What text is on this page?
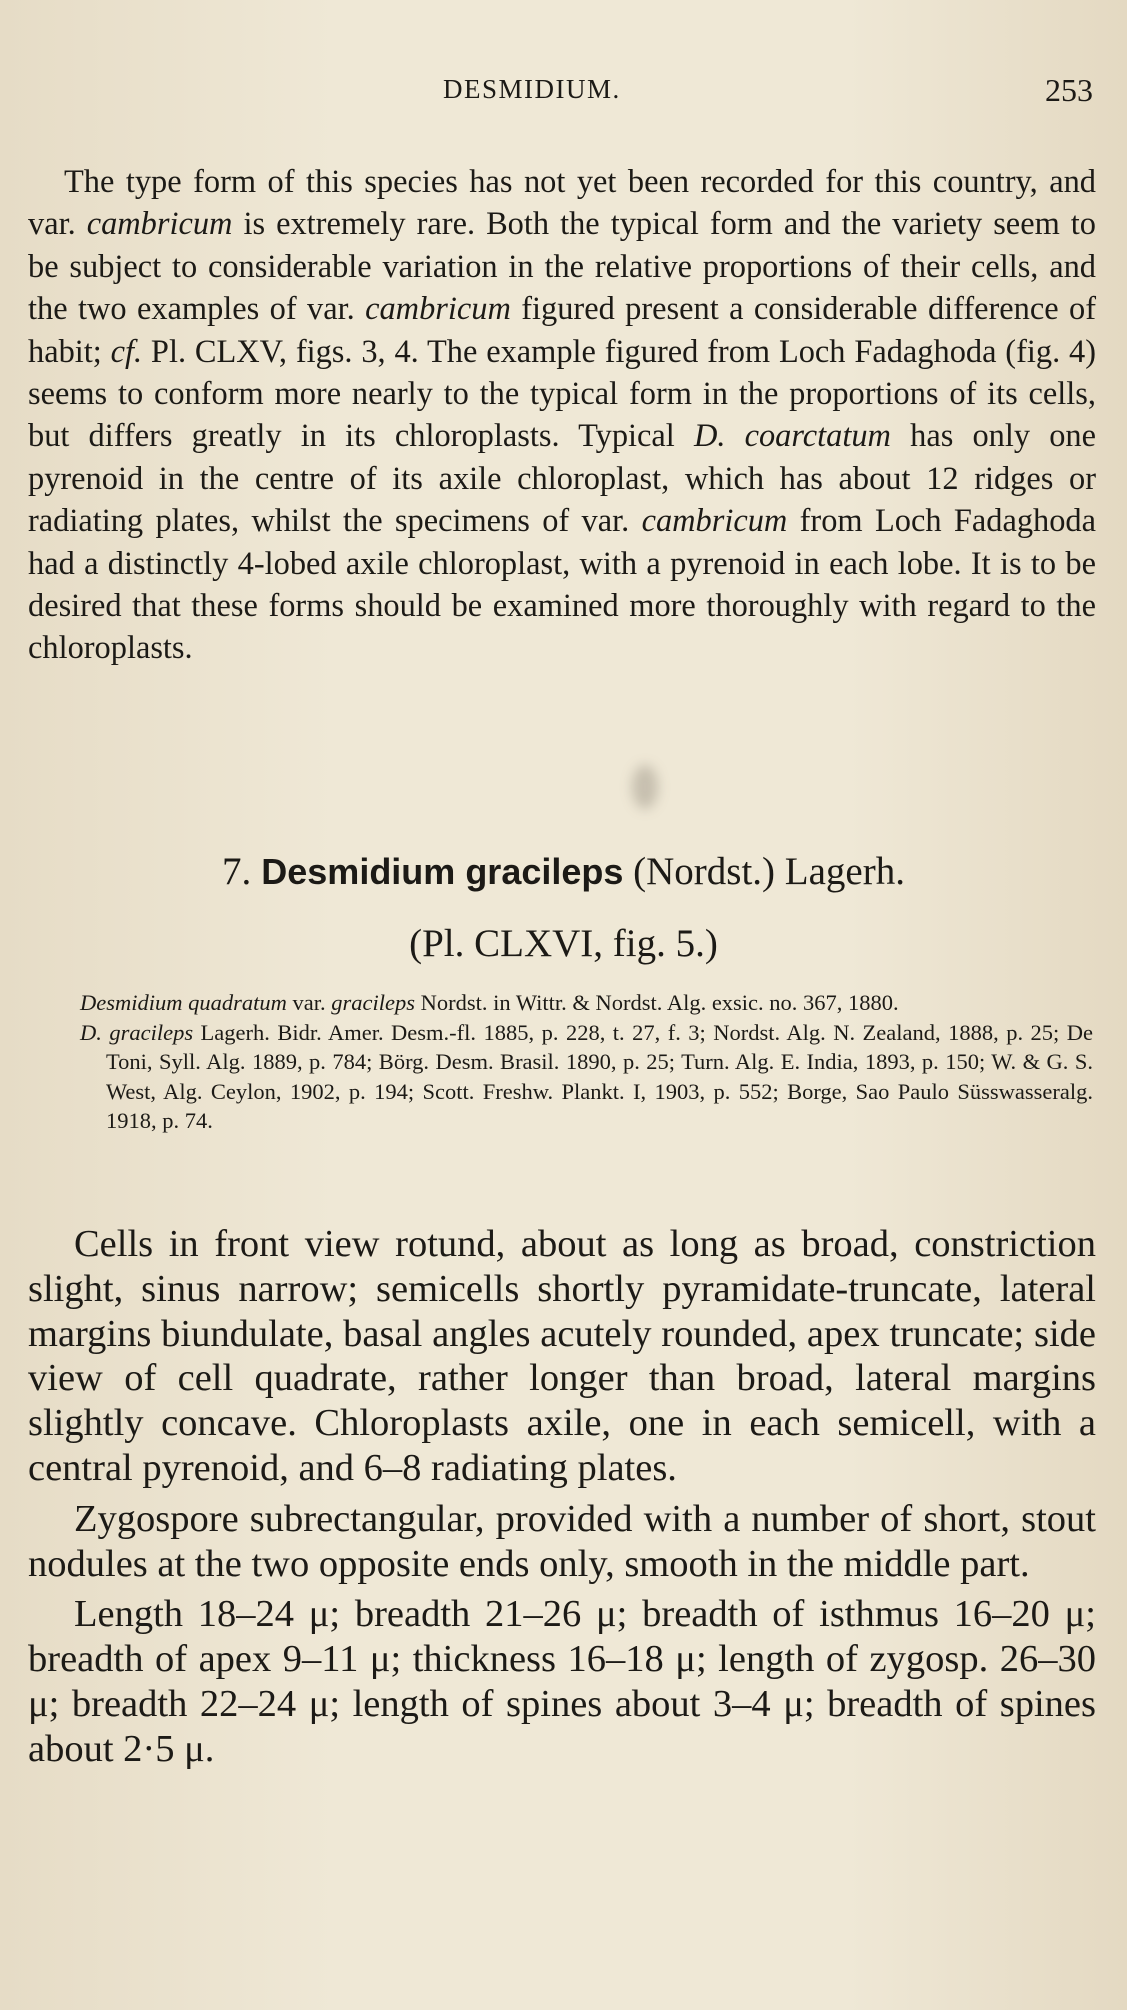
DESMIDIUM.	253

The type form of this species has not yet been recorded for this country, and var. cambricum is extremely rare. Both the typical form and the variety seem to be subject to considerable variation in the relative proportions of their cells, and the two examples of var. cambricum figured present a considerable difference of habit; cf. Pl. CLXV, figs. 3, 4. The example figured from Loch Fadaghoda (fig. 4) seems to conform more nearly to the typical form in the proportions of its cells, but differs greatly in its chloroplasts. Typical D. coarctatum has only one pyrenoid in the centre of its axile chloroplast, which has about 12 ridges or radiating plates, whilst the specimens of var. cambricum from Loch Fadaghoda had a distinctly 4-lobed axile chloroplast, with a pyrenoid in each lobe. It is to be desired that these forms should be examined more thoroughly with regard to the chloroplasts.

7. Desmidium gracileps (Nordst.) Lagerh.
(Pl. CLXVI, fig. 5.)

Desmidium quadratum var. gracileps Nordst. in Wittr. & Nordst. Alg. exsic. no. 367, 1880.

D. gracileps Lagerh. Bidr. Amer. Desm.-fl. 1885, p. 228, t. 27, f. 3; Nordst. Alg. N. Zealand, 1888, p. 25; De Toni, Syll. Alg. 1889, p. 784; Börg. Desm. Brasil. 1890, p. 25; Turn. Alg. E. India, 1893, p. 150; W. & G. S. West, Alg. Ceylon, 1902, p. 194; Scott. Freshw. Plankt. I, 1903, p. 552; Borge, Sao Paulo Süsswasseralg. 1918, p. 74.

Cells in front view rotund, about as long as broad, constriction slight, sinus narrow; semicells shortly pyramidate-truncate, lateral margins biundulate, basal angles acutely rounded, apex truncate; side view of cell quadrate, rather longer than broad, lateral margins slightly concave. Chloroplasts axile, one in each semicell, with a central pyrenoid, and 6–8 radiating plates.

Zygospore subrectangular, provided with a number of short, stout nodules at the two opposite ends only, smooth in the middle part.

Length 18–24 μ; breadth 21–26 μ; breadth of isthmus 16–20 μ; breadth of apex 9–11 μ; thickness 16–18 μ; length of zygosp. 26–30 μ; breadth 22–24 μ; length of spines about 3–4 μ; breadth of spines about 2·5 μ.
